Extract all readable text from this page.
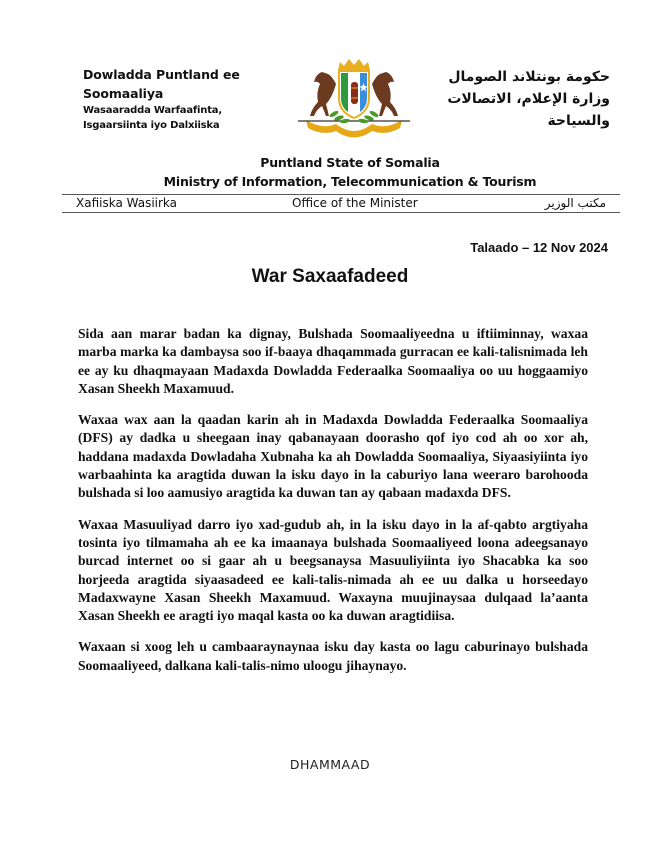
Dowladda Puntland ee
Soomaaliya
Wasaaradda Warfaafinta,
Isgaarsiinta iyo Dalxiiska
حكومة بونتلاند الصومال
وزارة الإعلام، الاتصالات والسياحة
Puntland State of Somalia
Ministry of Information, Telecommunication & Tourism
Xafiiska Wasiirka	Office of the Minister	مكتب الوزير
Talaado – 12 Nov 2024
War Saxaafadeed

Sida aan marar badan ka dignay, Bulshada Soomaaliyeedna u iftiiminnay, waxaa marba marka ka dambaysa soo if-baaya dhaqammada gurracan ee kali-talisnimada leh ee ay ku dhaqmayaan Madaxda Dowladda Federaalka Soomaaliya oo uu hoggaamiyo Xasan Sheekh Maxamuud.

Waxaa wax aan la qaadan karin ah in Madaxda Dowladda Federaalka Soomaaliya (DFS) ay dadka u sheegaan inay qabanayaan doorasho qof iyo cod ah oo xor ah, haddana madaxda Dowladaha Xubnaha ka ah Dowladda Soomaaliya, Siyaasiyiinta iyo warbaahinta ka aragtida duwan la isku dayo in la caburiyo lana weeraro barohooda bulshada si loo aamusiyo aragtida ka duwan tan ay qabaan madaxda DFS.

Waxaa Masuuliyad darro iyo xad-gudub ah, in la isku dayo in la af-qabto argtiyaha tosinta iyo tilmamaha ah ee ka imaanaya bulshada Soomaaliyeed loona adeegsanayo burcad internet oo si gaar ah u beegsanaysa Masuuliyiinta iyo Shacabka ka soo horjeeda aragtida siyaasadeed ee kali-talis-nimada ah ee uu dalka u horseedayo Madaxwayne Xasan Sheekh Maxamuud. Waxayna muujinaysaa dulqaad la’aanta Xasan Sheekh ee aragti iyo maqal kasta oo ka duwan aragtidiisa.

Waxaan si xoog leh u cambaaraynaynaa isku day kasta oo lagu caburinayo bulshada Soomaaliyeed, dalkana kali-talis-nimo uloogu jihaynayo.

DHAMMAAD
